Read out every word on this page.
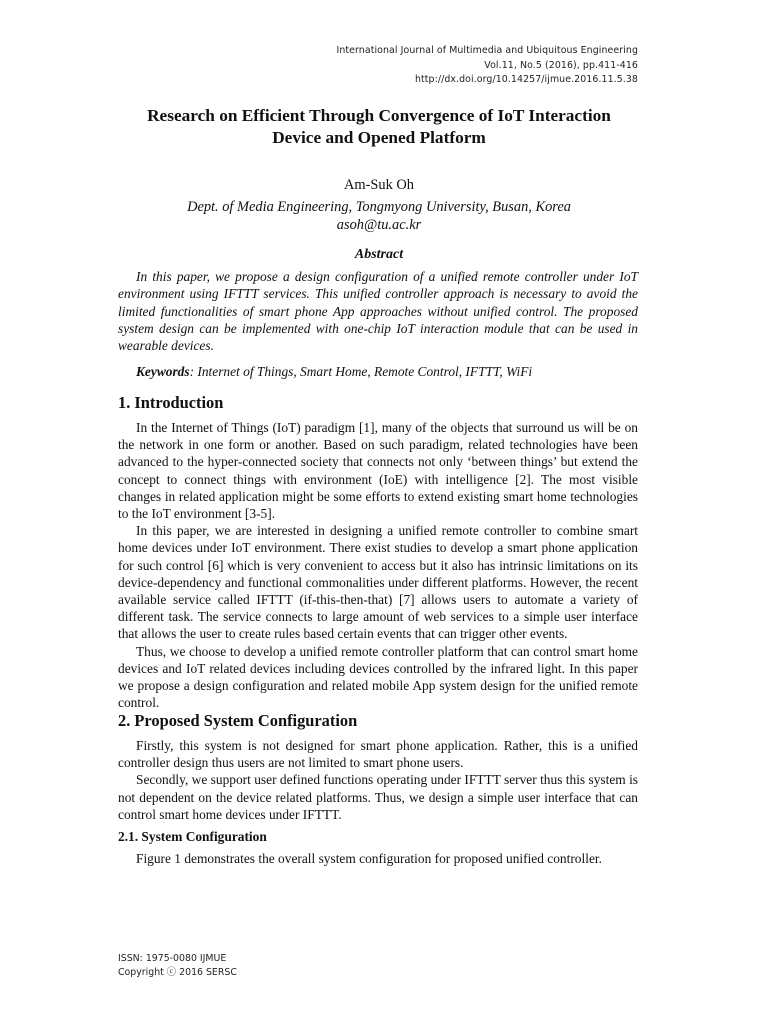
International Journal of Multimedia and Ubiquitous Engineering
Vol.11, No.5 (2016), pp.411-416
http://dx.doi.org/10.14257/ijmue.2016.11.5.38
Research on Efficient Through Convergence of IoT Interaction
Device and Opened Platform
Am-Suk Oh
Dept. of Media Engineering, Tongmyong University, Busan, Korea
asoh@tu.ac.kr
Abstract

In this paper, we propose a design configuration of a unified remote controller under IoT environment using IFTTT services. This unified controller approach is necessary to avoid the limited functionalities of smart phone App approaches without unified control. The proposed system design can be implemented with one-chip IoT interaction module that can be used in wearable devices.

Keywords: Internet of Things, Smart Home, Remote Control, IFTTT, WiFi
1. Introduction

In the Internet of Things (IoT) paradigm [1], many of the objects that surround us will be on the network in one form or another. Based on such paradigm, related technologies have been advanced to the hyper-connected society that connects not only ‘between things’ but extend the concept to connect things with environment (IoE) with intelligence [2]. The most visible changes in related application might be some efforts to extend existing smart home technologies to the IoT environment [3-5].

In this paper, we are interested in designing a unified remote controller to combine smart home devices under IoT environment. There exist studies to develop a smart phone application for such control [6] which is very convenient to access but it also has intrinsic limitations on its device-dependency and functional commonalities under different platforms. However, the recent available service called IFTTT (if-this-then-that) [7] allows users to automate a variety of different task. The service connects to large amount of web services to a simple user interface that allows the user to create rules based certain events that can trigger other events.

Thus, we choose to develop a unified remote controller platform that can control smart home devices and IoT related devices including devices controlled by the infrared light. In this paper we propose a design configuration and related mobile App system design for the unified remote control.

2. Proposed System Configuration

Firstly, this system is not designed for smart phone application. Rather, this is a unified controller design thus users are not limited to smart phone users.

Secondly, we support user defined functions operating under IFTTT server thus this system is not dependent on the device related platforms. Thus, we design a simple user interface that can control smart home devices under IFTTT.

2.1. System Configuration

Figure 1 demonstrates the overall system configuration for proposed unified controller.

ISSN: 1975-0080 IJMUE
Copyright ⓒ 2016 SERSC
